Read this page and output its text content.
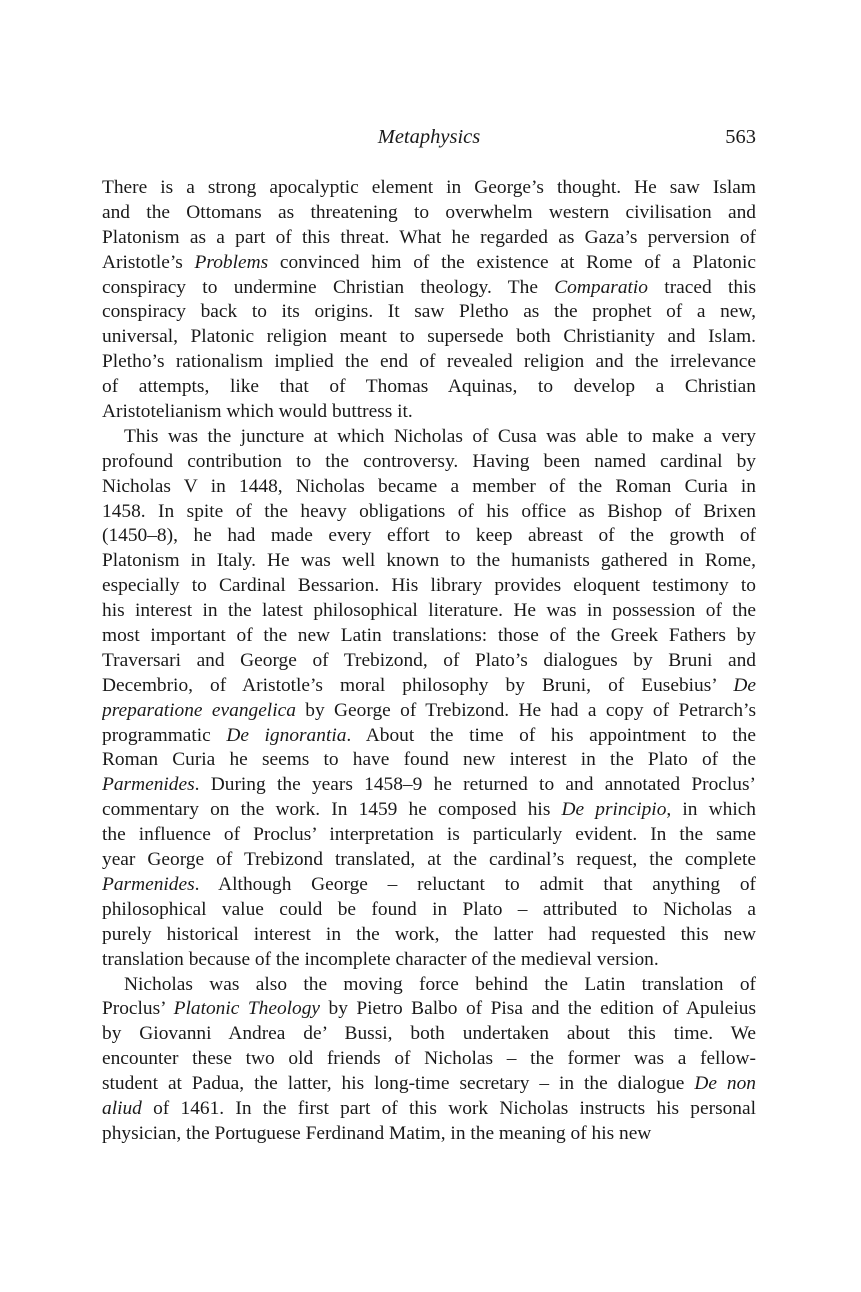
Metaphysics	563
There is a strong apocalyptic element in George’s thought. He saw Islam
and the Ottomans as threatening to overwhelm western civilisation and
Platonism as a part of this threat. What he regarded as Gaza’s perversion of
Aristotle’s Problems convinced him of the existence at Rome of a Platonic
conspiracy to undermine Christian theology. The Comparatio traced this
conspiracy back to its origins. It saw Pletho as the prophet of a new,
universal, Platonic religion meant to supersede both Christianity and Islam.
Pletho’s rationalism implied the end of revealed religion and the irrelevance
of attempts, like that of Thomas Aquinas, to develop a Christian
Aristotelianism which would buttress it.
This was the juncture at which Nicholas of Cusa was able to make a very
profound contribution to the controversy. Having been named cardinal by
Nicholas V in 1448, Nicholas became a member of the Roman Curia in
1458. In spite of the heavy obligations of his office as Bishop of Brixen
(1450–8), he had made every effort to keep abreast of the growth of
Platonism in Italy. He was well known to the humanists gathered in Rome,
especially to Cardinal Bessarion. His library provides eloquent testimony to
his interest in the latest philosophical literature. He was in possession of the
most important of the new Latin translations: those of the Greek Fathers by
Traversari and George of Trebizond, of Plato’s dialogues by Bruni and
Decembrio, of Aristotle’s moral philosophy by Bruni, of Eusebius’ De
preparatione evangelica by George of Trebizond. He had a copy of Petrarch’s
programmatic De ignorantia. About the time of his appointment to the
Roman Curia he seems to have found new interest in the Plato of the
Parmenides. During the years 1458–9 he returned to and annotated Proclus’
commentary on the work. In 1459 he composed his De principio, in which
the influence of Proclus’ interpretation is particularly evident. In the same
year George of Trebizond translated, at the cardinal’s request, the complete
Parmenides. Although George – reluctant to admit that anything of
philosophical value could be found in Plato – attributed to Nicholas a
purely historical interest in the work, the latter had requested this new
translation because of the incomplete character of the medieval version.
Nicholas was also the moving force behind the Latin translation of
Proclus’ Platonic Theology by Pietro Balbo of Pisa and the edition of Apuleius
by Giovanni Andrea de’ Bussi, both undertaken about this time. We
encounter these two old friends of Nicholas – the former was a fellow-
student at Padua, the latter, his long-time secretary – in the dialogue De non
aliud of 1461. In the first part of this work Nicholas instructs his personal
physician, the Portuguese Ferdinand Matim, in the meaning of his new
